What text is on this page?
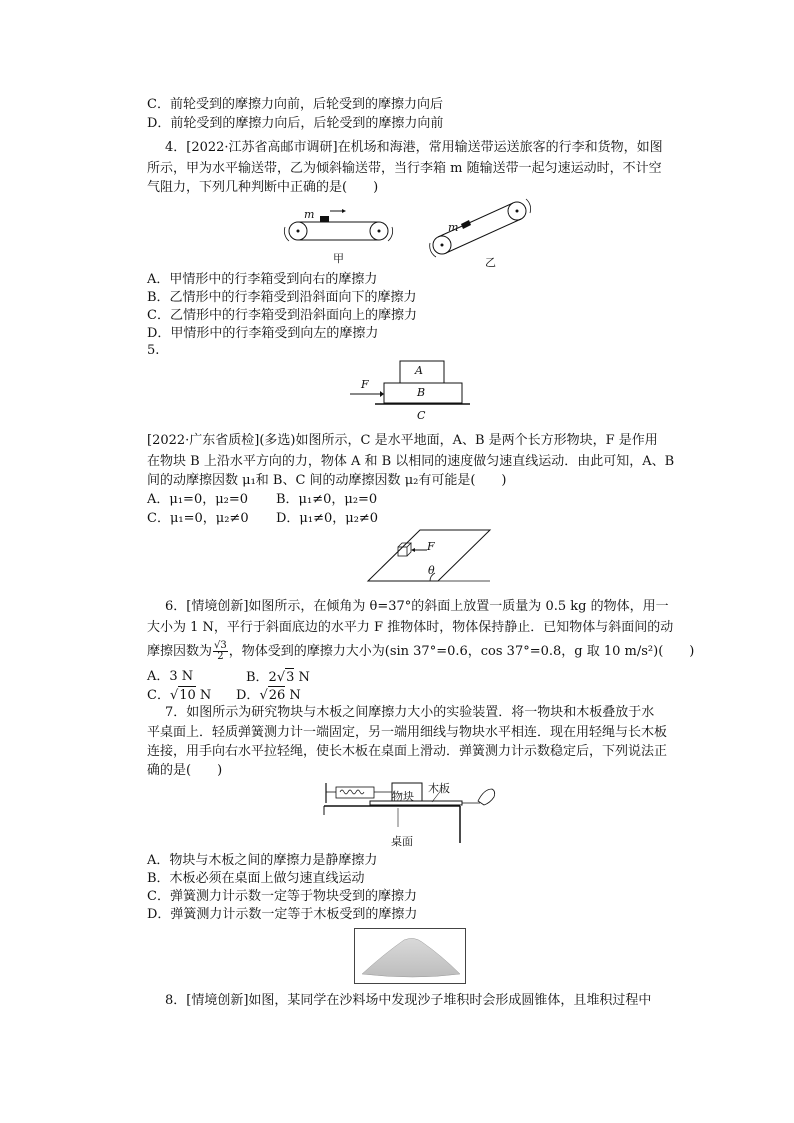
C．前轮受到的摩擦力向前，后轮受到的摩擦力向后
D．前轮受到的摩擦力向后，后轮受到的摩擦力向前
4．[2022·江苏省高邮市调研]在机场和海港，常用输送带运送旅客的行李和货物，如图
所示，甲为水平输送带，乙为倾斜输送带，当行李箱 m 随输送带一起匀速运动时，不计空
气阻力，下列几种判断中正确的是(　　)
m
m
甲	乙
A．甲情形中的行李箱受到向右的摩擦力
B．乙情形中的行李箱受到沿斜面向下的摩擦力
C．乙情形中的行李箱受到沿斜面向上的摩擦力
D．甲情形中的行李箱受到向左的摩擦力
5.
F
A
B
C
[2022·广东省质检](多选)如图所示，C 是水平地面，A、B 是两个长方形物块，F 是作用
在物块 B 上沿水平方向的力，物体 A 和 B 以相同的速度做匀速直线运动．由此可知，A、B
间的动摩擦因数 μ₁和 B、C 间的动摩擦因数 μ₂有可能是(　　)
A．μ₁=0，μ₂=0 B．μ₁≠0，μ₂=0
C．μ₁=0，μ₂≠0 D．μ₁≠0，μ₂≠0
F
θ
6．[情境创新]如图所示，在倾角为 θ=37°的斜面上放置一质量为 0.5 kg 的物体，用一
大小为 1 N，平行于斜面底边的水平力 F 推物体时，物体保持静止．已知物体与斜面间的动
摩擦因数为 $\frac{√3}{2}$ ，物体受到的摩擦力大小为(sin 37°=0.6，cos 37°=0.8，g 取 10 m/s²)(　　)
A．3 N	B．2√3 N
C．√10 N D．√26 N
7．如图所示为研究物块与木板之间摩擦力大小的实验装置．将一物块和木板叠放于水
平桌面上．轻质弹簧测力计一端固定，另一端用细线与物块水平相连．现在用轻绳与长木板
连接，用手向右水平拉轻绳，使长木板在桌面上滑动．弹簧测力计示数稳定后，下列说法正
确的是(　　)
物块
木板
桌面
A．物块与木板之间的摩擦力是静摩擦力
B．木板必须在桌面上做匀速直线运动
C．弹簧测力计示数一定等于物块受到的摩擦力
D．弹簧测力计示数一定等于木板受到的摩擦力
8．[情境创新]如图，某同学在沙料场中发现沙子堆积时会形成圆锥体，且堆积过程中
